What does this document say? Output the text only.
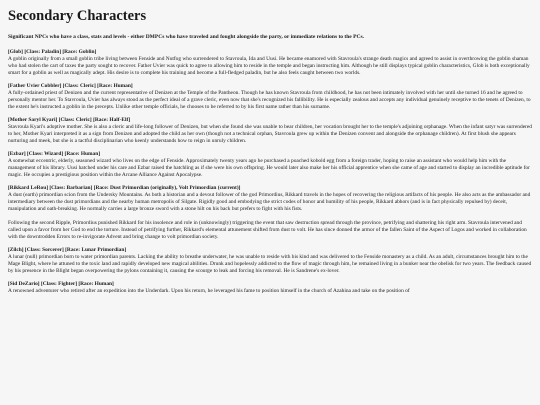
Secondary Characters
Significant NPCs who have a class, stats and levels - either DMPCs who have traveled and fought alongside the party, or immediate relations to the PCs.
[Glob] [Class: Paladin] [Race: Goblin]

A goblin originally from a small goblin tribe living between Fenside and Nutfog who surrendered to Stavroula, Ida and Uusi. He became enamored with Stavroula's strange death magics and agreed to assist in overthrowing the goblin shaman who had stolen the cart of taxes the party sought to recover. Father Uvier was quick to agree to allowing him to reside in the temple and began instructing him. Although he still displays typical goblin characteristics, Glob is both exceptionally smart for a goblin as well as magically adept. His desire is to complete his training and become a full-fledged paladin, but he also feels caught between two worlds.

[Father Uvier Cobbler] [Class: Cleric] [Race: Human]

A fully-ordained priest of Denizen and the current representative of Denizen at the Temple of the Pantheon. Though he has known Stavroula from childhood, he has not been intimately involved with her until she turned 16 and he agreed to personally mentor her. To Stavroula, Uvier has always stood as the perfect ideal of a grave cleric, even now that she's recognized his fallibility. He is especially zealous and accepts any individual genuinely receptive to the tenets of Denizen, to the extent he's instructed a goblin in the precepts. Unlike other temple officials, he chooses to be referred to by his first name rather than his surname.

[Mother Saryl Kyari] [Class: Cleric] [Race: Half-Elf]

Stavroula Kyari's adoptive mother. She is also a cleric and life-long follower of Denizen, but when she found she was unable to bear children, her vocation brought her to the temple's adjoining orphanage. When the infant satyr was surrendered to her, Mother Kyari interpreted it as a sign from Denizen and adopted the child as her own (though not a technical orphan, Stavroula grew up within the Denizen convent and alongside the orphanage children). At first blush she appears nurturing and meek, but she is a tactful disciplinarian who keenly understands how to reign in unruly children.

[Ezbar] [Class: Wizard] [Race: Human]

A somewhat eccentric, elderly, seasoned wizard who lives on the edge of Fenside. Approximately twenty years ago he purchased a poached kobold egg from a foreign trader, hoping to raise an assistant who would help him with the management of his library. Uusi hatched under his care and Ezbar raised the hatchling as if she were his own offspring. He would later also make her his official apprentice when she came of age and started to display an incredible aptitude for magic. He occupies a prestigious position within the Arcane Alliance Against Apocalypse.

[Rikkard LeRou] [Class: Barbarian] [Race: Dust Primordian (originally), Volt Primordian (current)]

A dust (earth) primordian scion from the Undersky Mountains. As both a historian and a devout follower of the god Primordius, Rikkard travels in the hopes of recovering the religious artifacts of his people. He also acts as the ambassador and intermediary between the dust primordians and the nearby human metropolis of Silgate. Rigidly good and embodying the strict codes of honor and humility of his people, Rikkard abhors (and is in fact physically repulsed by) deceit, manipulation and oath-breaking. He normally carries a large bronze sword with a stone hilt on his back but prefers to fight with his fists.

Following the second Ripple, Primordius punished Rikkard for his insolence and role in (unknowingly) triggering the event that saw destruction spread through the province, petrifying and shattering his right arm. Stavroula intervened and called upon a favor from her God to end the torture. Instead of petrifying further, Rikkard's elemental attunement shifted from dust to volt. He has since donned the armor of the fallen Saint of the Aspect of Logos and worked in collaboration with the downtrodden Errors to re-invigorate Advent and bring change to volt primordian society.

[Zilch] [Class: Sorcerer] [Race: Lunar Primordian]

A lunar (null) primordian born to water primordian parents. Lacking the ability to breathe underwater, he was unable to reside with his kind and was delivered to the Fenside monastery as a child. As an adult, circumstances brought him to the Mage Blight, where he attuned to the toxic land and rapidly developed new magical abilities. Drunk and hopelessly addicted to the flow of magic through him, he remained living in a bunker near the obelisk for two years. The feedback caused by his presence in the Blight began overpowering the pylons containing it, causing the scourge to leak and forcing his removal. He is Sandrene's ex-lover.

[Sid DeZario] [Class: Fighter] [Race: Human]

A renowned adventurer who retired after an expedition into the Underdark. Upon his return, he leveraged his fame to position himself in the church of Azahina and take on the position of
